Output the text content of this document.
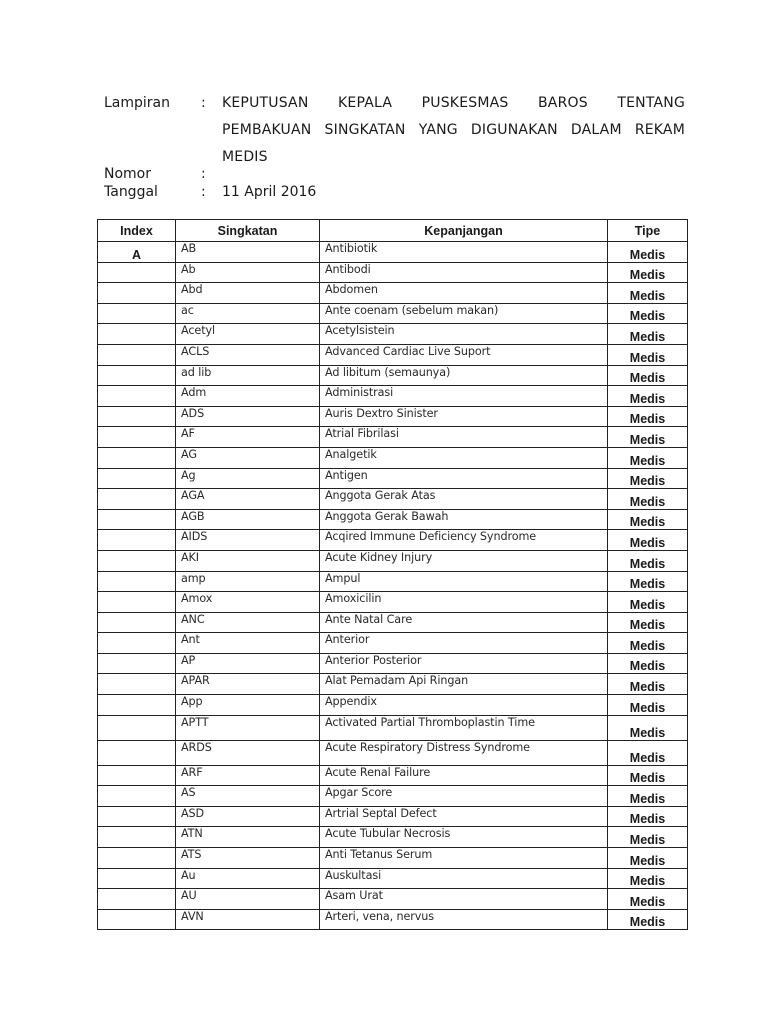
Lampiran : KEPUTUSAN KEPALA PUSKESMAS BAROS TENTANG
PEMBAKUAN SINGKATAN YANG DIGUNAKAN DALAM REKAM
MEDIS
Nomor	:
Tanggal	: 11 April 2016
Index	Singkatan	Kepanjangan	Tipe
A	AB	Antibiotik	Medis
	Ab	Antibodi	Medis
	Abd	Abdomen	Medis
	ac	Ante coenam (sebelum makan)	Medis
	Acetyl	Acetylsistein	Medis
	ACLS	Advanced Cardiac Live Suport	Medis
	ad lib	Ad libitum (semaunya)	Medis
	Adm	Administrasi	Medis
	ADS	Auris Dextro Sinister	Medis
	AF	Atrial Fibrilasi	Medis
	AG	Analgetik	Medis
	Ag	Antigen	Medis
	AGA	Anggota Gerak Atas	Medis
	AGB	Anggota Gerak Bawah	Medis
	AIDS	Acqired Immune Deficiency Syndrome	Medis
	AKI	Acute Kidney Injury	Medis
	amp	Ampul	Medis
	Amox	Amoxicilin	Medis
	ANC	Ante Natal Care	Medis
	Ant	Anterior	Medis
	AP	Anterior Posterior	Medis
	APAR	Alat Pemadam Api Ringan	Medis
	App	Appendix	Medis
	APTT	Activated Partial Thromboplastin Time	Medis
	ARDS	Acute Respiratory Distress Syndrome	Medis
	ARF	Acute Renal Failure	Medis
	AS	Apgar Score	Medis
	ASD	Artrial Septal Defect	Medis
	ATN	Acute Tubular Necrosis	Medis
	ATS	Anti Tetanus Serum	Medis
	Au	Auskultasi	Medis
	AU	Asam Urat	Medis
	AVN	Arteri, vena, nervus	Medis
